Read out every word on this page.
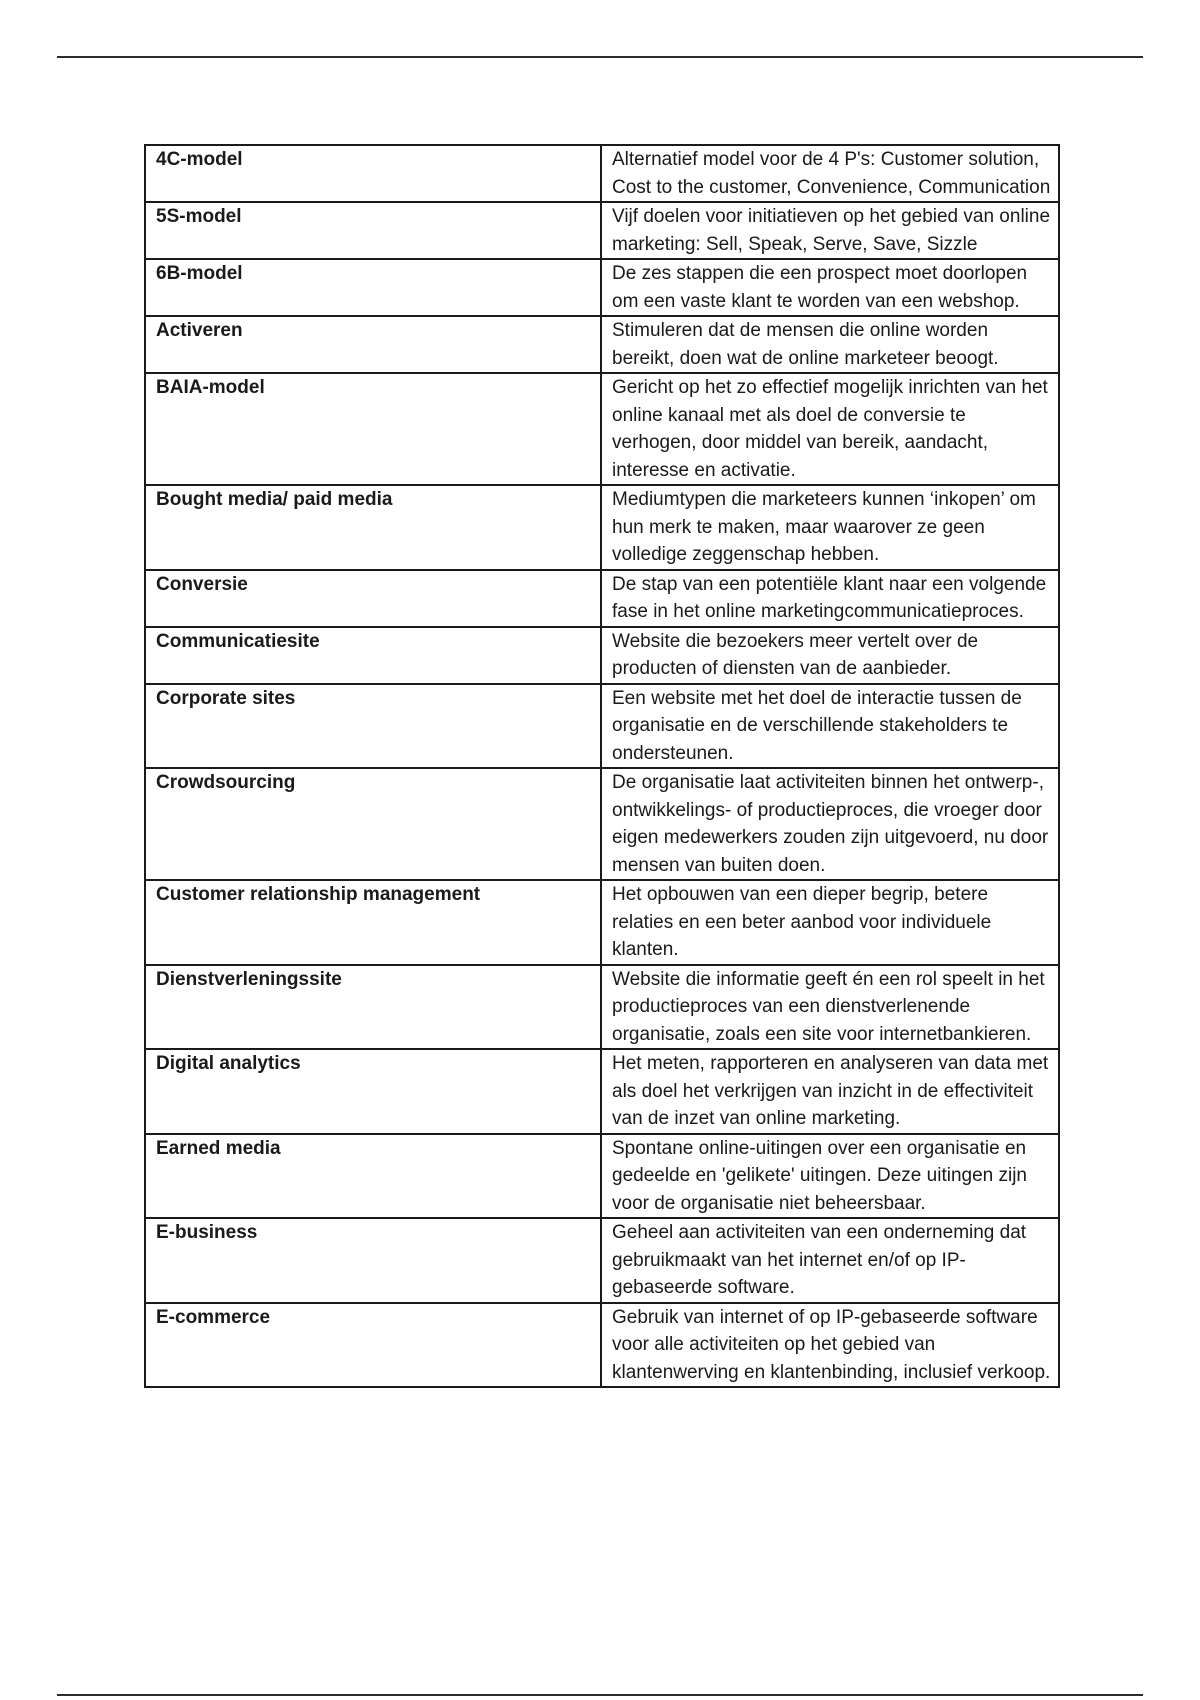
4C-model	Alternatief model voor de 4 P's: Customer solution, Cost to the customer, Convenience, Communication
5S-model	Vijf doelen voor initiatieven op het gebied van online marketing: Sell, Speak, Serve, Save, Sizzle
6B-model	De zes stappen die een prospect moet doorlopen om een vaste klant te worden van een webshop.
Activeren	Stimuleren dat de mensen die online worden bereikt, doen wat de online marketeer beoogt.
BAIA-model	Gericht op het zo effectief mogelijk inrichten van het online kanaal met als doel de conversie te verhogen, door middel van bereik, aandacht, interesse en activatie.
Bought media/ paid media	Mediumtypen die marketeers kunnen ‘inkopen’ om hun merk te maken, maar waarover ze geen volledige zeggenschap hebben.
Conversie	De stap van een potentiële klant naar een volgende fase in het online marketingcommunicatieproces.
Communicatiesite	Website die bezoekers meer vertelt over de producten of diensten van de aanbieder.
Corporate sites	Een website met het doel de interactie tussen de organisatie en de verschillende stakeholders te ondersteunen.
Crowdsourcing	De organisatie laat activiteiten binnen het ontwerp-, ontwikkelings- of productieproces, die vroeger door eigen medewerkers zouden zijn uitgevoerd, nu door mensen van buiten doen.
Customer relationship management	Het opbouwen van een dieper begrip, betere relaties en een beter aanbod voor individuele klanten.
Dienstverleningssite	Website die informatie geeft én een rol speelt in het productieproces van een dienstverlenende organisatie, zoals een site voor internetbankieren.
Digital analytics	Het meten, rapporteren en analyseren van data met als doel het verkrijgen van inzicht in de effectiviteit van de inzet van online marketing.
Earned media	Spontane online-uitingen over een organisatie en gedeelde en 'gelikete' uitingen. Deze uitingen zijn voor de organisatie niet beheersbaar.
E-business	Geheel aan activiteiten van een onderneming dat gebruikmaakt van het internet en/of op IP-gebaseerde software.
E-commerce	Gebruik van internet of op IP-gebaseerde software voor alle activiteiten op het gebied van klantenwerving en klantenbinding, inclusief verkoop.
